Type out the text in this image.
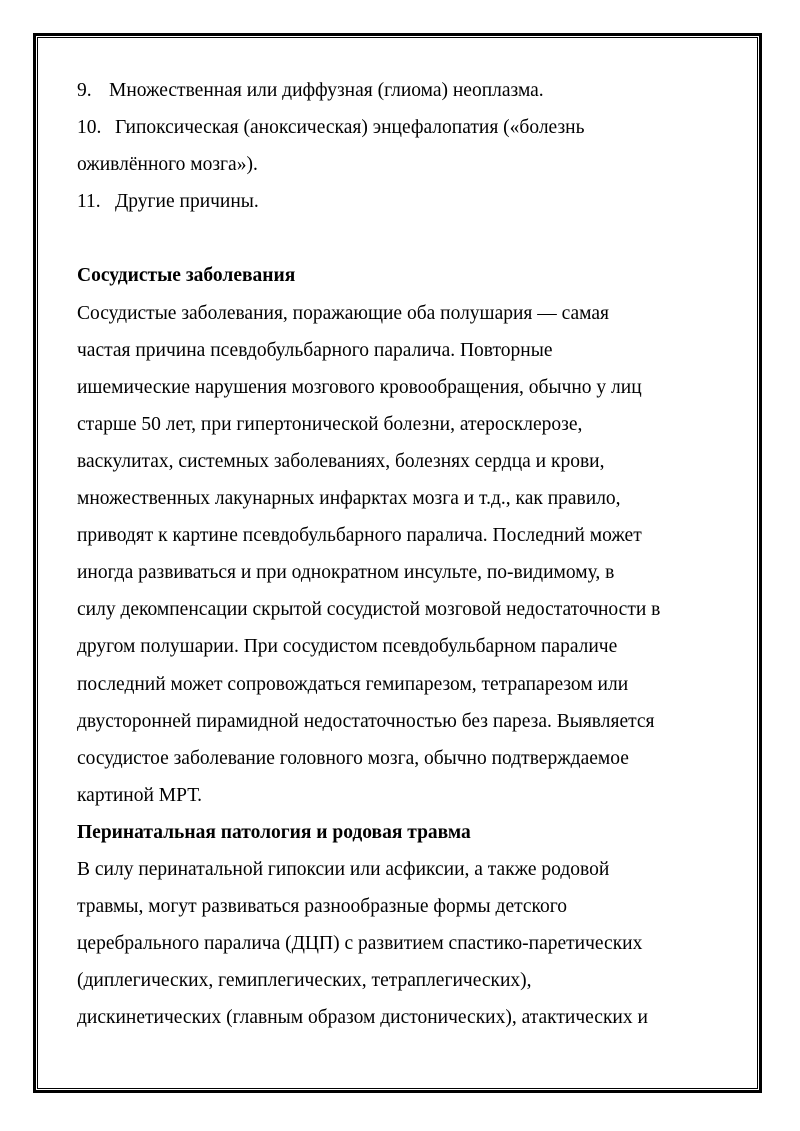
9. Множественная или диффузная (глиома) неоплазма.
10. Гипоксическая (аноксическая) энцефалопатия («болезнь
оживлённого мозга»).
11. Другие причины.
Сосудистые заболевания
Сосудистые заболевания, поражающие оба полушария — самая
частая причина псевдобульбарного паралича. Повторные
ишемические нарушения мозгового кровообращения, обычно у лиц
старше 50 лет, при гипертонической болезни, атеросклерозе,
васкулитах, системных заболеваниях, болезнях сердца и крови,
множественных лакунарных инфарктах мозга и т.д., как правило,
приводят к картине псевдобульбарного паралича. Последний может
иногда развиваться и при однократном инсульте, по-видимому, в
силу декомпенсации скрытой сосудистой мозговой недостаточности в
другом полушарии. При сосудистом псевдобульбарном параличе
последний может сопровождаться гемипарезом, тетрапарезом или
двусторонней пирамидной недостаточностью без пареза. Выявляется
сосудистое заболевание головного мозга, обычно подтверждаемое
картиной МРТ.
Перинатальная патология и родовая травма
В силу перинатальной гипоксии или асфиксии, а также родовой
травмы, могут развиваться разнообразные формы детского
церебрального паралича (ДЦП) с развитием спастико-паретических
(диплегических, гемиплегических, тетраплегических),
дискинетических (главным образом дистонических), атактических и
